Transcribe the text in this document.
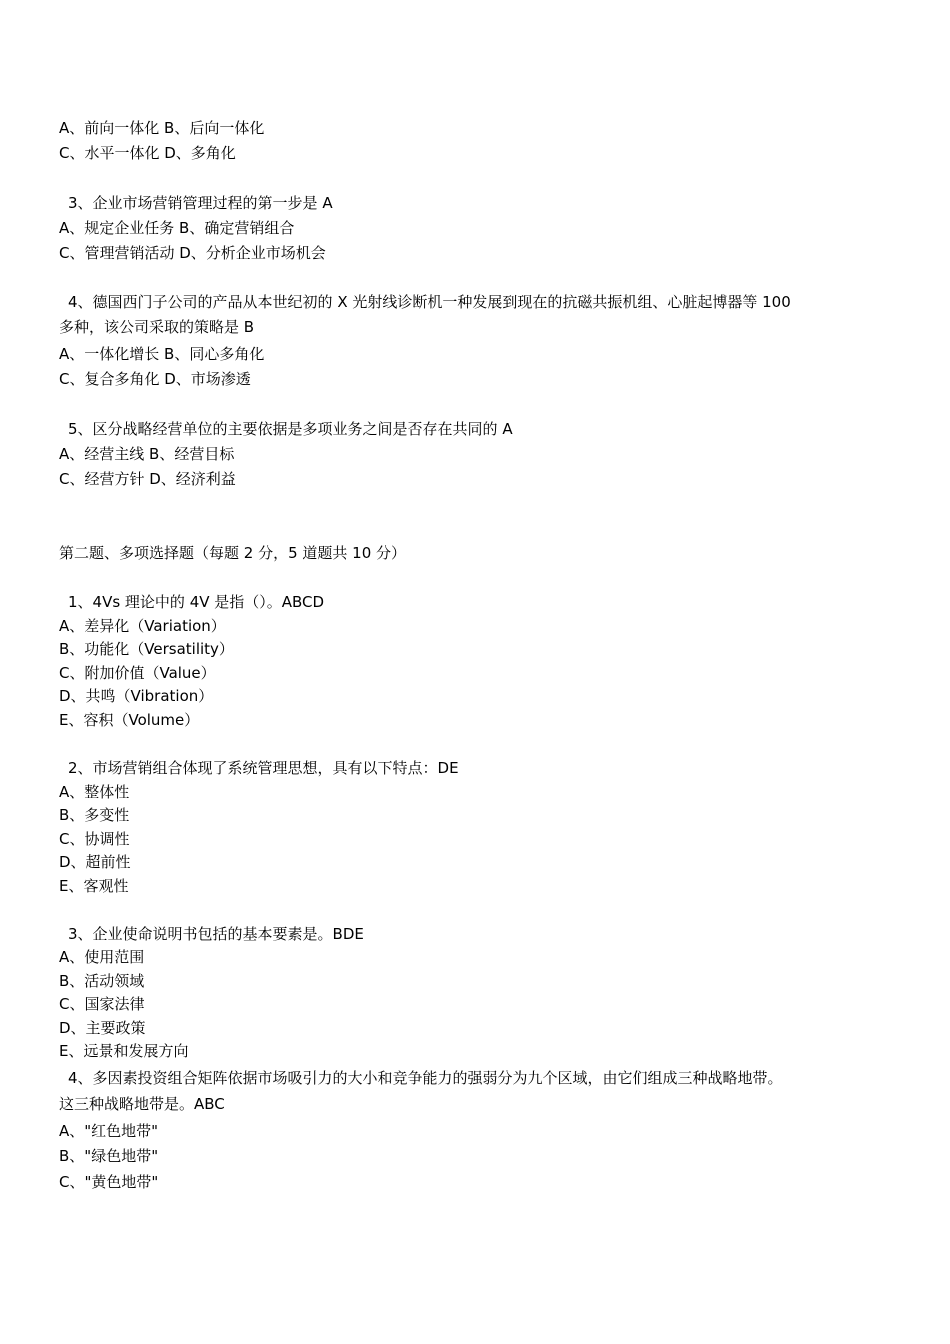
A、前向一体化 B、后向一体化
C、水平一体化 D、多角化
3、企业市场营销管理过程的第一步是 A
A、规定企业任务 B、确定营销组合
C、管理营销活动 D、分析企业市场机会
4、德国西门子公司的产品从本世纪初的 X 光射线诊断机一种发展到现在的抗磁共振机组、心脏起博器等 100
多种，该公司采取的策略是 B
A、一体化增长 B、同心多角化
C、复合多角化 D、市场渗透
5、区分战略经营单位的主要依据是多项业务之间是否存在共同的 A
A、经营主线 B、经营目标
C、经营方针 D、经济利益
第二题、多项选择题（每题 2 分，5 道题共 10 分）
1、4Vs 理论中的 4V 是指（）。ABCD
A、差异化（Variation）
B、功能化（Versatility）
C、附加价值（Value）
D、共鸣（Vibration）
E、容积（Volume）
2、市场营销组合体现了系统管理思想，具有以下特点：DE
A、整体性
B、多变性
C、协调性
D、超前性
E、客观性
3、企业使命说明书包括的基本要素是。BDE
A、使用范围
B、活动领域
C、国家法律
D、主要政策
E、远景和发展方向
4、多因素投资组合矩阵依据市场吸引力的大小和竞争能力的强弱分为九个区域，由它们组成三种战略地带。
这三种战略地带是。ABC
A、"红色地带"
B、"绿色地带"
C、"黄色地带"
